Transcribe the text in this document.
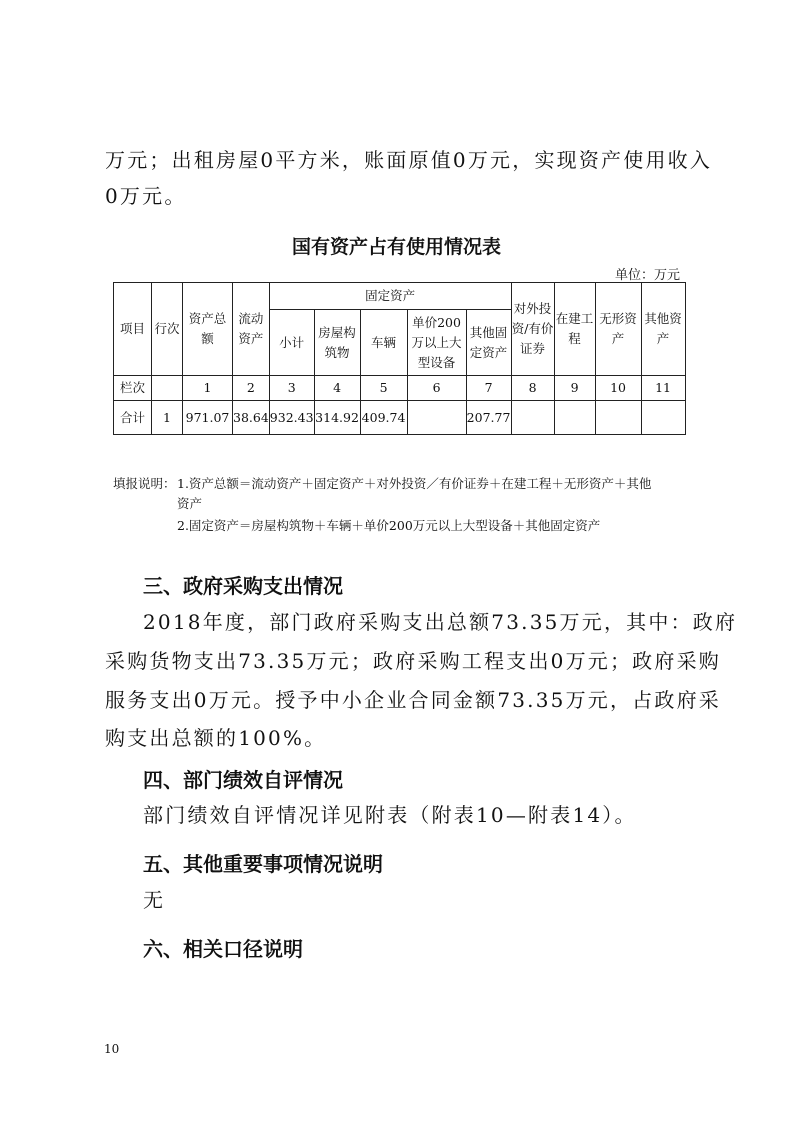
万元；出租房屋0平方米，账面原值0万元，实现资产使用收入
0万元。
国有资产占有使用情况表
单位：万元
项目	行次	资产总额	流动资产	固定资产					对外投资/有价证券	在建工程	无形资产	其他资产
				小计	房屋构筑物	车辆	单价200万以上大型设备	其他固定资产				
栏次		1	2	3	4	5	6	7	8	9	10	11
合计	1	971.07	38.64	932.43	314.92	409.74		207.77				
填报说明： 1.资产总额＝流动资产＋固定资产＋对外投资／有价证券＋在建工程＋无形资产＋其他
资产
2.固定资产＝房屋构筑物＋车辆＋单价200万元以上大型设备＋其他固定资产
三、政府采购支出情况
2018年度，部门政府采购支出总额73.35万元，其中：政府
采购货物支出73.35万元；政府采购工程支出0万元；政府采购
服务支出0万元。授予中小企业合同金额73.35万元，占政府采
购支出总额的100%。
四、部门绩效自评情况
部门绩效自评情况详见附表（附表10—附表14）。
五、其他重要事项情况说明
无
六、相关口径说明
10
